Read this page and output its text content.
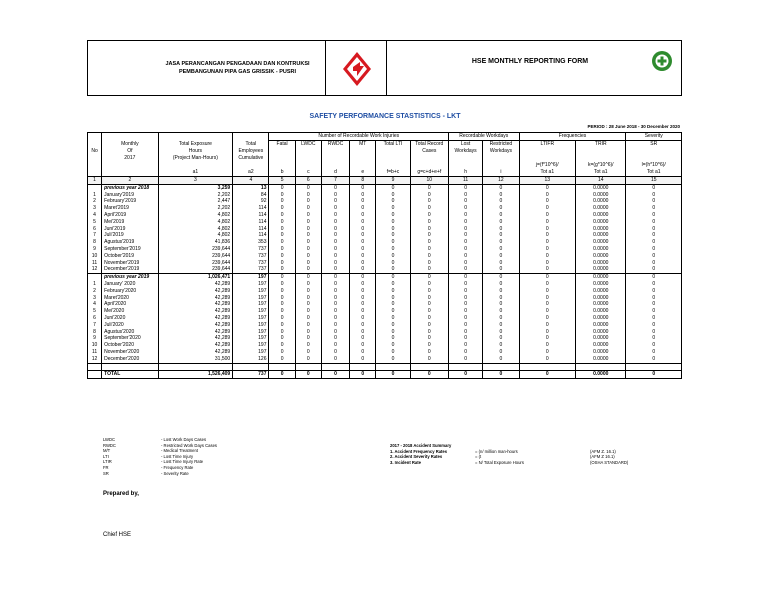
JASA PERANCANGAN PENGADAAN DAN KONTRUKSI
PEMBANGUNAN PIPA GAS GRISSIK - PUSRI
HSE MONTHLY REPORTING FORM
SAFETY PERFORMANCE STASTISTICS - LKT
PERIOD : 28 June 2018 - 30 December 2020
				Number of Recordable Work Injuries						Recordable Workdays		Frequencies		Severity
	Monthly	Total Exposure	Total	Fatal	LWDC	RWDC	MT	Total LTI	Total Record	Lost	Restricted	LTIFR	TRIR	SR
No	Of	Hours	Employees						Cases	Workdays	Workdays			
	2017	(Project Man-Hours)	Cumulative											
												j=(f*10^6)/	k=(g*10^6)/	l=(h*10^6)/
		a1	a2	b	c	d	e	f=b+c	g=c+d+e+f	h	i	Tot a1	Tot a1	Tot a1
1	2	3	4	5	6	7	8	9	10	11	12	13	14	15
	previous year 2018	3,259	13	0	0	0	0	0	0	0	0	0	0.0000	0
1	January'2019	2,202	84	0	0	0	0	0	0	0	0	0	0.0000	0
2	February'2019	2,447	92	0	0	0	0	0	0	0	0	0	0.0000	0
3	Maret'2019	2,202	114	0	0	0	0	0	0	0	0	0	0.0000	0
4	April'2019	4,802	114	0	0	0	0	0	0	0	0	0	0.0000	0
5	Mei'2019	4,802	114	0	0	0	0	0	0	0	0	0	0.0000	0
6	Juni'2019	4,802	114	0	0	0	0	0	0	0	0	0	0.0000	0
7	Juli'2019	4,802	114	0	0	0	0	0	0	0	0	0	0.0000	0
8	Agustus'2019	41,836	353	0	0	0	0	0	0	0	0	0	0.0000	0
9	September'2019	239,644	737	0	0	0	0	0	0	0	0	0	0.0000	0
10	October'2019	239,644	737	0	0	0	0	0	0	0	0	0	0.0000	0
11	November'2019	239,644	737	0	0	0	0	0	0	0	0	0	0.0000	0
12	December'2019	239,644	737	0	0	0	0	0	0	0	0	0	0.0000	0
	previous year 2019	1,026,471	197	0	0	0	0	0	0	0	0	0	0.0000	0
1	January' 2020	42,289	197	0	0	0	0	0	0	0	0	0	0.0000	0
2	February'2020	42,289	197	0	0	0	0	0	0	0	0	0	0.0000	0
3	Maret'2020	42,289	197	0	0	0	0	0	0	0	0	0	0.0000	0
4	April'2020	42,289	197	0	0	0	0	0	0	0	0	0	0.0000	0
5	Mei'2020	42,289	197	0	0	0	0	0	0	0	0	0	0.0000	0
6	Juni'2020	42,289	197	0	0	0	0	0	0	0	0	0	0.0000	0
7	Juli'2020	42,289	197	0	0	0	0	0	0	0	0	0	0.0000	0
8	Agustus'2020	42,289	197	0	0	0	0	0	0	0	0	0	0.0000	0
9	September'2020	42,289	197	0	0	0	0	0	0	0	0	0	0.0000	0
10	October'2020	42,289	197	0	0	0	0	0	0	0	0	0	0.0000	0
11	November'2020	42,289	197	0	0	0	0	0	0	0	0	0	0.0000	0
12	December'2020	31,500	126	0	0	0	0	0	0	0	0	0	0.0000	0

	TOTAL	1,526,409	737	0	0	0	0	0	0	0	0	0	0.0000	0
LWDC	- Lost Work Days Cases
RWDC	- Restricted Work Days Cases
M/T	- Medical Treatment
LTI	- Lost Time Injury
LTIR	- Lost Time Injury Rate
FR	- Frequency Rate
SR	- Severity Rate
2017 - 2018 Accident Summary
1. Accident Frequency Rates	= (n/ million man-hours	(AFM Z. 16.1)
2. Accident Severity Rates	= (t	(AFM Z 16.1)
3. Incident Rate	= N/ Total Exposure Hours	(OSHA STANDARD)
Prepared by,
Chief HSE
